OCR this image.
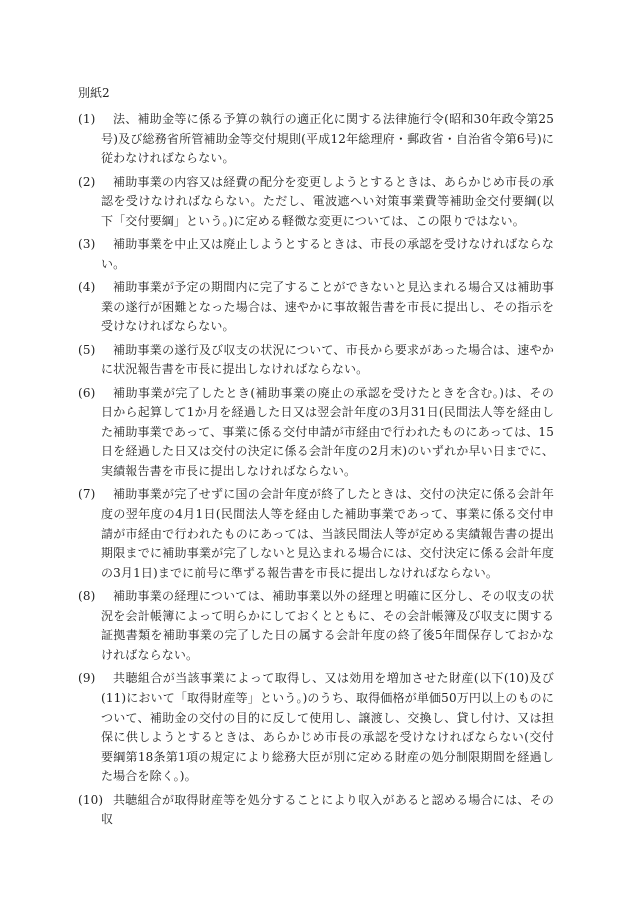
別紙2
(1) 法、補助金等に係る予算の執行の適正化に関する法律施行令(昭和30年政令第25号)及び総務省所管補助金等交付規則(平成12年総理府・郵政省・自治省令第6号)に従わなければならない。
(2) 補助事業の内容又は経費の配分を変更しようとするときは、あらかじめ市長の承認を受けなければならない。ただし、電波遮へい対策事業費等補助金交付要綱(以下「交付要綱」という。)に定める軽微な変更については、この限りではない。
(3) 補助事業を中止又は廃止しようとするときは、市長の承認を受けなければならない。
(4) 補助事業が予定の期間内に完了することができないと見込まれる場合又は補助事業の遂行が困難となった場合は、速やかに事故報告書を市長に提出し、その指示を受けなければならない。
(5) 補助事業の遂行及び収支の状況について、市長から要求があった場合は、速やかに状況報告書を市長に提出しなければならない。
(6) 補助事業が完了したとき(補助事業の廃止の承認を受けたときを含む。)は、その日から起算して1か月を経過した日又は翌会計年度の3月31日(民間法人等を経由した補助事業であって、事業に係る交付申請が市経由で行われたものにあっては、15日を経過した日又は交付の決定に係る会計年度の2月末)のいずれか早い日までに、実績報告書を市長に提出しなければならない。
(7) 補助事業が完了せずに国の会計年度が終了したときは、交付の決定に係る会計年度の翌年度の4月1日(民間法人等を経由した補助事業であって、事業に係る交付申請が市経由で行われたものにあっては、当該民間法人等が定める実績報告書の提出期限までに補助事業が完了しないと見込まれる場合には、交付決定に係る会計年度の3月1日)までに前号に準ずる報告書を市長に提出しなければならない。
(8) 補助事業の経理については、補助事業以外の経理と明確に区分し、その収支の状況を会計帳簿によって明らかにしておくとともに、その会計帳簿及び収支に関する証拠書類を補助事業の完了した日の属する会計年度の終了後5年間保存しておかなければならない。
(9) 共聴組合が当該事業によって取得し、又は効用を増加させた財産(以下(10)及び(11)において「取得財産等」という。)のうち、取得価格が単価50万円以上のものについて、補助金の交付の目的に反して使用し、譲渡し、交換し、貸し付け、又は担保に供しようとするときは、あらかじめ市長の承認を受けなければならない(交付要綱第18条第1項の規定により総務大臣が別に定める財産の処分制限期間を経過した場合を除く。)。
(10) 共聴組合が取得財産等を処分することにより収入があると認める場合には、その収
